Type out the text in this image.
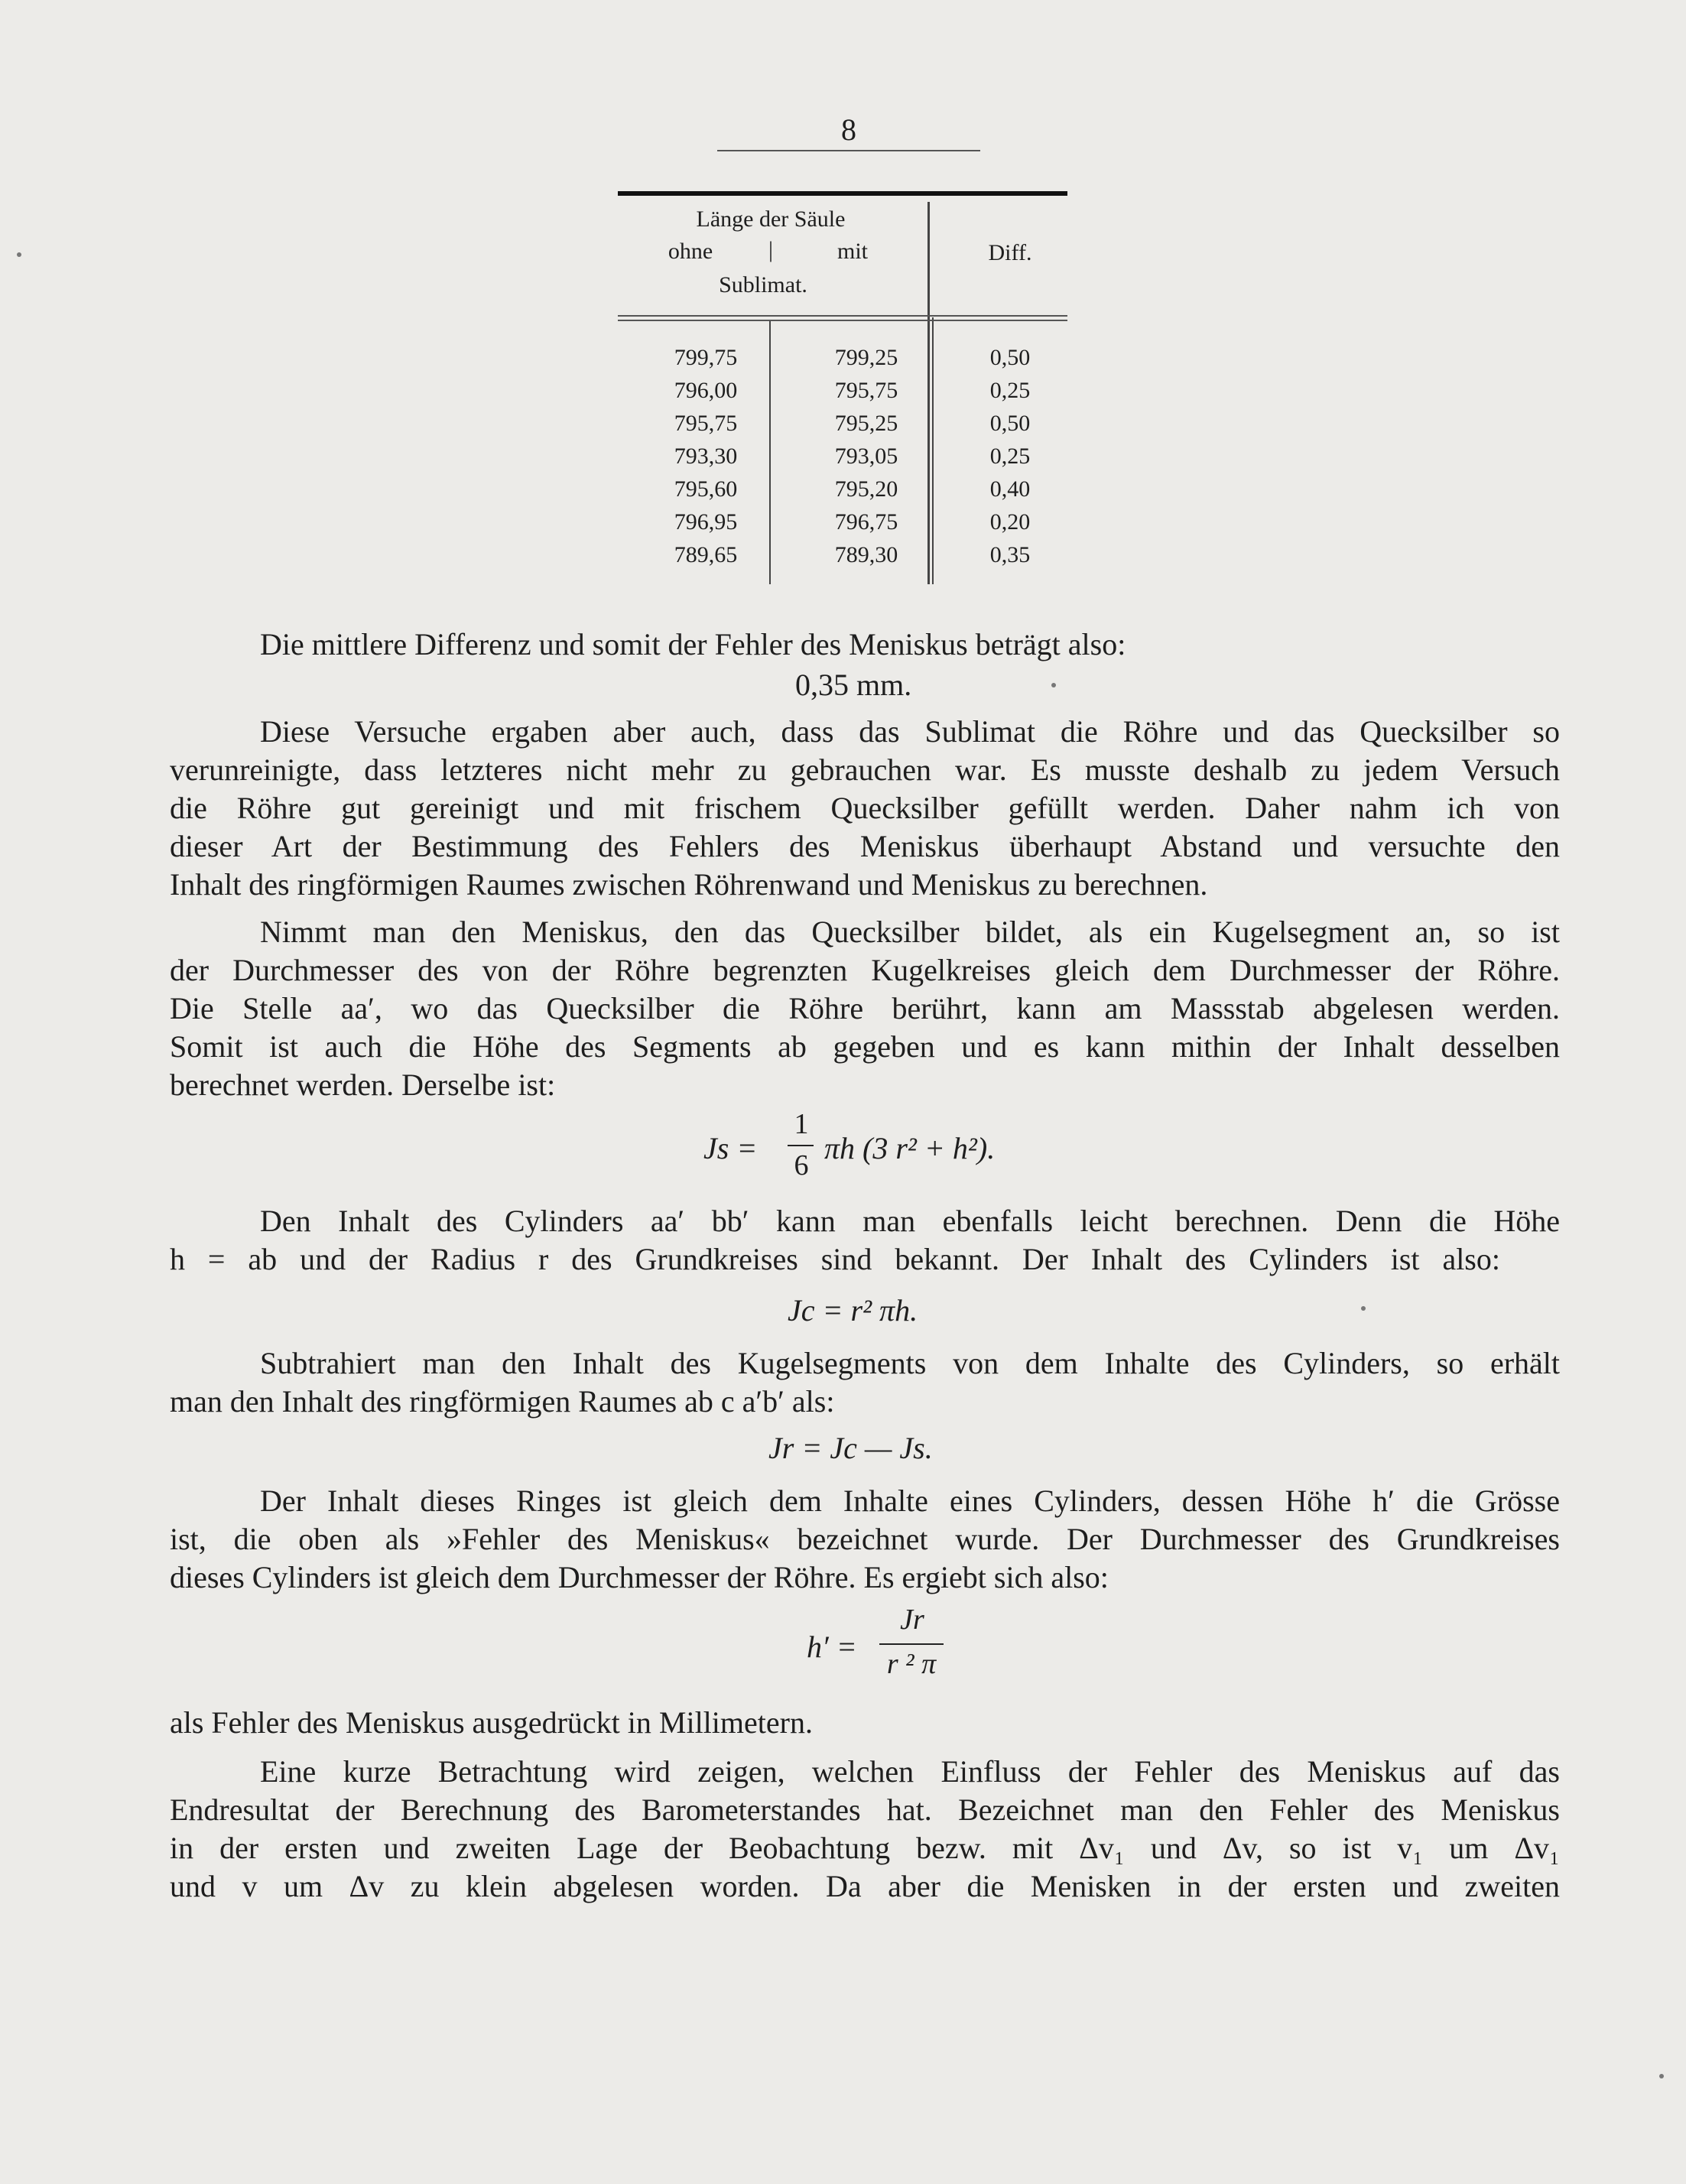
8
Länge der Säule
ohne	|	mit
Sublimat.
Diff.
799,75	799,25	0,50
796,00	795,75	0,25
795,75	795,25	0,50
793,30	793,05	0,25
795,60	795,20	0,40
796,95	796,75	0,20
789,65	789,30	0,35
Die mittlere Differenz und somit der Fehler des Meniskus beträgt also:
0,35 mm.
Diese Versuche ergaben aber auch, dass das Sublimat die Röhre und das Quecksilber so
verunreinigte, dass letzteres nicht mehr zu gebrauchen war. Es musste deshalb zu jedem Versuch
die Röhre gut gereinigt und mit frischem Quecksilber gefüllt werden. Daher nahm ich von
dieser Art der Bestimmung des Fehlers des Meniskus überhaupt Abstand und versuchte den
Inhalt des ringförmigen Raumes zwischen Röhrenwand und Meniskus zu berechnen.
Nimmt man den Meniskus, den das Quecksilber bildet, als ein Kugelsegment an, so ist
der Durchmesser des von der Röhre begrenzten Kugelkreises gleich dem Durchmesser der Röhre.
Die Stelle aa′, wo das Quecksilber die Röhre berührt, kann am Massstab abgelesen werden.
Somit ist auch die Höhe des Segments ab gegeben und es kann mithin der Inhalt desselben
berechnet werden. Derselbe ist:
Js =
1
6 πh (3 r² + h²).
Den Inhalt des Cylinders aa′ bb′ kann man ebenfalls leicht berechnen. Denn die Höhe
h = ab und der Radius r des Grundkreises sind bekannt. Der Inhalt des Cylinders ist also:
Jc = r² πh.
Subtrahiert man den Inhalt des Kugelsegments von dem Inhalte des Cylinders, so erhält
man den Inhalt des ringförmigen Raumes ab c a′b′ als:
Jr = Jc — Js.
Der Inhalt dieses Ringes ist gleich dem Inhalte eines Cylinders, dessen Höhe h′ die Grösse
ist, die oben als »Fehler des Meniskus« bezeichnet wurde. Der Durchmesser des Grundkreises
dieses Cylinders ist gleich dem Durchmesser der Röhre. Es ergiebt sich also:
h′ =
Jr
r ² π
als Fehler des Meniskus ausgedrückt in Millimetern.
Eine kurze Betrachtung wird zeigen, welchen Einfluss der Fehler des Meniskus auf das
Endresultat der Berechnung des Barometerstandes hat. Bezeichnet man den Fehler des Meniskus
in der ersten und zweiten Lage der Beobachtung bezw. mit Δv₁ und Δv, so ist v₁ um Δv₁
und v um Δv zu klein abgelesen worden. Da aber die Menisken in der ersten und zweiten
